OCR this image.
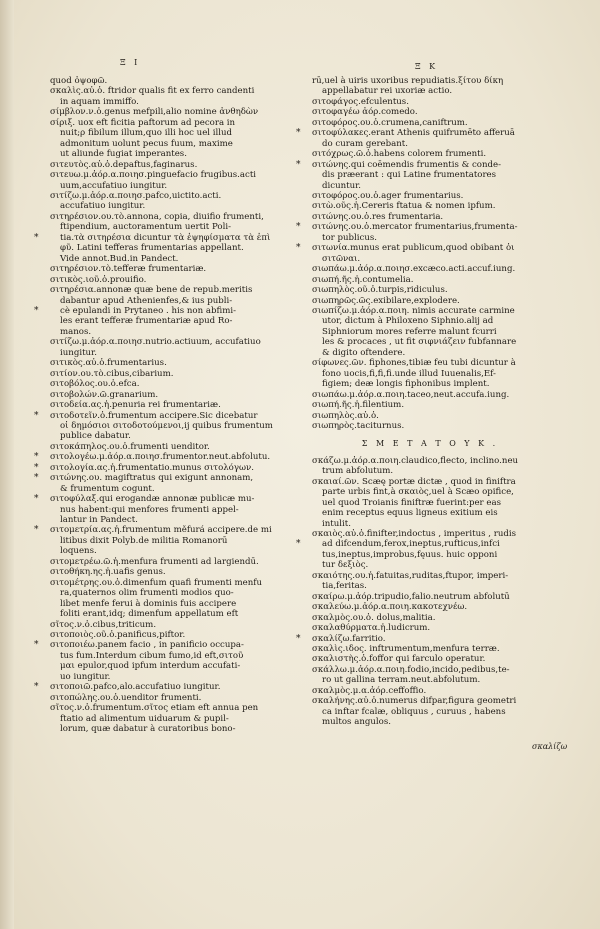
Ξ I	Ξ K

quod ὀψοφῶ.

σκαλὶς.αὐ.ὁ. ftridor qualis fit ex ferro candenti

in aquam immiffo.

σίμβλον.ν.ὁ.genus mefpili,alio nomine ἀνθηδὼν

σίριξ. uox eft ficitia paftorum ad pecora in

nuit;ρ fibilum illum,quo illi hoc uel illud

admonitum uolunt pecus fuum, maxime

ut aliunde fugiat imperantes.

σιτευτὸς.αὐ.ὁ.depaftus,faginarus.

σιτευω.μ.ἀόρ.α.ποιησ.pinguefacio frugibus.acti

uum,accufatiuo iungitur.

σιτίζω.μ.ἀόρ.α.ποιησ.pafco,uictito.acti.

accufatiuo iungitur.

σιτηρέσιον.ου.τὸ.annona, copia, diuifio frumenti,

ftipendium, auctoramentum uertit Poli-

*	tia.τὰ σιτηρέσια dicuntur τὰ ἐψηφίσματα τὰ ἐπὶ

φῦ. Latini tefferas frumentarias appellant.

Vide annot.Bud.in Pandect.

σιτηρέσιον.τὸ.tefferæ frumentariæ.

σιτικὸς.ιοῦ.ὁ.prouifio.

σιτηρέσια.annonæ quæ bene de repub.meritis

dabantur apud Athenienfes,& ius publi-

*	cè epulandi in Prytaneo . his non abfimi-

les erant tefferæ frumentariæ apud Ro-

manos.

σιτίζω.μ.ἀόρ.α.ποιησ.nutrio.actiuum, accufatiuo

iungitur.

σιτικὸς.αὐ.ὁ.frumentarius.

σιτίον.ου.τὸ.cibus,cibarium.

σιτοβόλος.ου.ὁ.efca.

σιτοβολών.ῶ.granarium.

σιτοδεία.ας.ἡ.penuria rei frumentariæ.

* σιτοδοτεῖν.ὁ.frumentum accipere.Sic dicebatur

οἱ δημόσιοι σιτοδοτούμενοι,ij quibus frumentum

publice dabatur.

σιτοκάπηλος.ου.ὁ.frumenti uenditor.

* σιτολογέω.μ.ἀόρ.α.ποιησ.frumentor.neut.abfolutu.

* σιτολογία.ας.ἡ.frumentatio.munus σιτολόγων.

* σιτώνης.ου. magiftratus qui exigunt annonam,

& frumentum cogunt.

* σιτοφύλαξ.qui erogandæ annonæ publicæ mu-

nus habent:qui menfores frumenti appel-

lantur in Pandect.

* σιτομετρία.ας.ἡ.frumentum měfurá accipere.de mi

litibus dixit Polyb.de militia Romanorū

loquens.

σιτομετρέω.ῶ.ἡ.menfura frumenti ad largiendū.

σιτοθήκη.ης.ἡ.uafis genus.

σιτομέτρης.ου.ὁ.dimenfum quafi frumenti menfu

ra,quaternos olim frumenti modios quo-

libet menfe ferui à dominis fuis accipere

foliti erant,idq; dimenfum appellatum eft

σῖτος.ν.ὁ.cibus,triticum.

σιτοποιὸς.οῦ.ὁ.panificus,piftor.

* σιτοποιέω.panem facio , in panificio occupa-

tus fum.Interdum cibum fumo,id eft,σιτοῦ

μαι epulor,quod ipfum interdum accufati-

uo iungitur.

* σιτοποιῶ.pafco,alo.accufatiuo iungitur.

σιτοπώλης.ου.ὁ.uenditor frumenti.

σῖτος.ν.ὁ.frumentum.σῖτος etiam eft annua pen

ftatio ad alimentum uiduarum & pupil-

lorum, quæ dabatur à curatoribus bono-

rū,uel à uiris uxoribus repudiatis.ξίτου δίκη

appellabatur rei uxoriæ actio.

σιτοφάγος.efculentus.

σιτοφαγέω ἀόρ.comedo.

σιτοφόρος.ου.ὁ.crumena,caniftrum.

* σιτοφύλακες.erant Athenis quifrumēto afferuā

do curam gerebant.

σιτόχρως.ῶ.ὁ.habens colorem frumenti.

* σιτώνης.qui coēmendis frumentis & conde-

dis præerant : qui Latine frumentatores

dicuntur.

σιτοφόρος.ου.ὁ.ager frumentarius.

σιτὼ.οῦς.ἡ.Cereris ftatua & nomen ipfum.

σιτώνης.ου.ὁ.res frumentaria.

* σιτώνης.ου.ὁ.mercator frumentarius,frumenta-

tor publicus.

* σιτωνία.munus erat publicum,quod obibant ὁι

σιτῶναι.

σιωπάω.μ.ἀόρ.α.ποιησ.excæco.acti.accuf.iung.

σιωπή.ῆς.ἡ.contumelia.

σιωπηλὸς.οῦ.ὁ.turpis,ridiculus.

σιωπηρῶς.ῶς.exibilare,explodere.

σιωπίζω.μ.ἀόρ.α.ποιη. nimis accurate carmine

utor, dictum à Philoxeno Siphnio.alij ad

Siphniorum mores referre malunt fcurri

les & procaces , ut fit σιφνιάζειν fubfannare

& digito oftendere.

σίφωνες.ῶν. fiphones,tibiæ feu tubi dicuntur à

fono uocis,fi,fi,fi.unde illud Iuuenalis,Ef-

figiem; deæ longis fiphonibus implent.

σιωπάω.μ.ἀόρ.α.ποιη.taceo,neut.accufa.iung.

σιωπή.ῆς.ἡ.filentium.

σιωπηλὸς.αὐ.ὁ.

σιωπηρὸς.taciturnus.

Σ Μ Ε Τ Α Τ Ο Υ Κ .

σκάζω.μ.ἀόρ.α.ποιη.claudico,flecto, inclino.neu

trum abfolutum.

σκαιαί.ῶν. Scæę portæ dictæ , quod in finiftra

parte urbis fint,à σκαιὸς,uel à Scæo opifice,

uel quod Troianis finiftræ fuerint:per eas

enim receptus equus ligneus exitium eis

intulit.

σκαιὸς.αὐ.ὁ.finifter,indoctus , imperitus , rudis

*	ad difcendum,ferox,ineptus,rufticus,infci

tus,ineptus,improbus,fęuus. huic opponi

tur δεξιὸς.

σκαιότης.ου.ἡ.fatuitas,ruditas,ftupor, imperi-

tia,feritas.

σκαίρω.μ.ἀόρ.tripudio,falio.neutrum abfolutū

σκαλεύω.μ.ἀόρ.α.ποιη.κακοτεχνέω.

σκαλμὸς.ου.ὁ. dolus,malitia.

σκαλαθύρματα.ἡ.ludicrum.

* σκαλίζω.farritio.

σκαλὶς.ιδος. inftrumentum,menfura terræ.

σκαλιστὴς.ὁ.foffor qui farculo operatur.

σκάλλω.μ.ἀόρ.α.ποιη.fodio,incido,pedibus,te-

ro ut gallina terram.neut.abfolutum.

σκαλμὸς.μ.α.ἀόρ.ceffoffio.

σκαλήνης.αὐ.ὁ.numerus difpar,figura geometri

ca inftar fcalæ, obliquus , curuus , habens

multos angulos.

σκαλίζω
